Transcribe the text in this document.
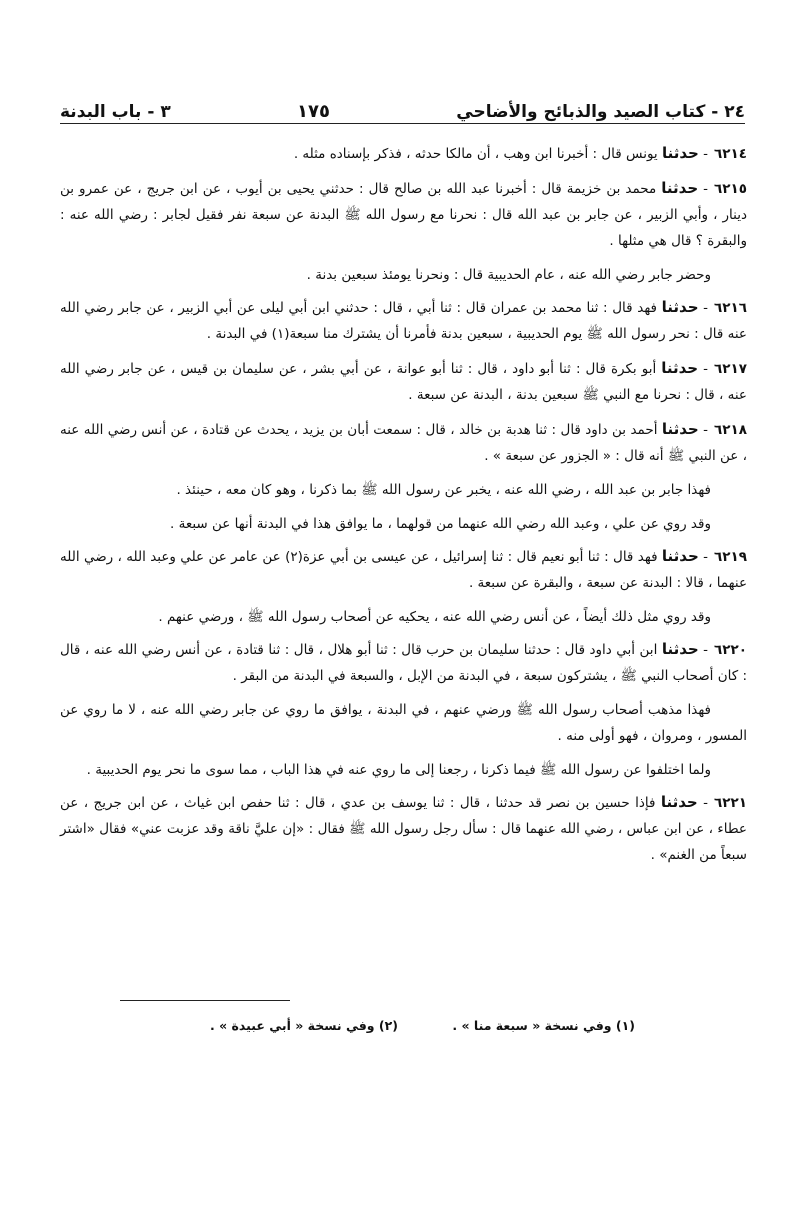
٢٤ - كتاب الصيد والذبائح والأضاحي
١٧٥
٣ - باب البدنة
٦٢١٤- حدثنا يونس قال : أخبرنا ابن وهب ، أن مالكا حدثه ، فذكر بإسناده مثله .
٦٢١٥- حدثنا محمد بن خزيمة قال : أخبرنا عبد الله بن صالح قال : حدثني يحيى بن أيوب ، عن ابن جريج ، عن عمرو بن دينار ، وأبي الزبير ، عن جابر بن عبد الله قال : نحرنا مع رسول الله ﷺ البدنة عن سبعة نفر فقيل لجابر : رضي الله عنه : والبقرة ؟ قال هي مثلها .
وحضر جابر رضي الله عنه ، عام الحديبية قال : ونحرنا يومئذ سبعين بدنة .
٦٢١٦- حدثنا فهد قال : ثنا محمد بن عمران قال : ثنا أبي ، قال : حدثني ابن أبي ليلى عن أبي الزبير ، عن جابر رضي الله عنه قال : نحر رسول الله ﷺ يوم الحديبية ، سبعين بدنة فأمرنا أن يشترك منا سبعة(١) في البدنة .
٦٢١٧- حدثنا أبو بكرة قال : ثنا أبو داود ، قال : ثنا أبو عوانة ، عن أبي بشر ، عن سليمان بن قيس ، عن جابر رضي الله عنه ، قال : نحرنا مع النبي ﷺ سبعين بدنة ، البدنة عن سبعة .
٦٢١٨- حدثنا أحمد بن داود قال : ثنا هدبة بن خالد ، قال : سمعت أبان بن يزيد ، يحدث عن قتادة ، عن أنس رضي الله عنه ، عن النبي ﷺ أنه قال : « الجزور عن سبعة » .
فهذا جابر بن عبد الله ، رضي الله عنه ، يخبر عن رسول الله ﷺ بما ذكرنا ، وهو كان معه ، حينئذ .
وقد روي عن علي ، وعبد الله رضي الله عنهما من قولهما ، ما يوافق هذا في البدنة أنها عن سبعة .
٦٢١٩- حدثنا فهد قال : ثنا أبو نعيم قال : ثنا إسرائيل ، عن عيسى بن أبي عزة(٢) عن عامر عن علي وعبد الله ، رضي الله عنهما ، قالا : البدنة عن سبعة ، والبقرة عن سبعة .
وقد روي مثل ذلك أيضاً ، عن أنس رضي الله عنه ، يحكيه عن أصحاب رسول الله ﷺ ، ورضي عنهم .
٦٢٢٠- حدثنا ابن أبي داود قال : حدثنا سليمان بن حرب قال : ثنا أبو هلال ، قال : ثنا قتادة ، عن أنس رضي الله عنه ، قال : كان أصحاب النبي ﷺ ، يشتركون سبعة ، في البدنة من الإبل ، والسبعة في البدنة من البقر .
فهذا مذهب أصحاب رسول الله ﷺ ورضي عنهم ، في البدنة ، يوافق ما روي عن جابر رضي الله عنه ، لا ما روي عن المسور ، ومروان ، فهو أولى منه .
ولما اختلفوا عن رسول الله ﷺ فيما ذكرنا ، رجعنا إلى ما روي عنه في هذا الباب ، مما سوى ما نحر يوم الحديبية .
٦٢٢١- حدثنا فإذا حسين بن نصر قد حدثنا ، قال : ثنا يوسف بن عدي ، قال : ثنا حفص ابن غياث ، عن ابن جريج ، عن عطاء ، عن ابن عباس ، رضي الله عنهما قال : سأل رجل رسول الله ﷺ فقال : «إن عليَّ ناقة وقد عزبت عني» فقال «اشتر سبعاً من الغنم» .
(١) وفي نسخة « سبعة منا » .
(٢) وفي نسخة « أبي عبيدة » .
